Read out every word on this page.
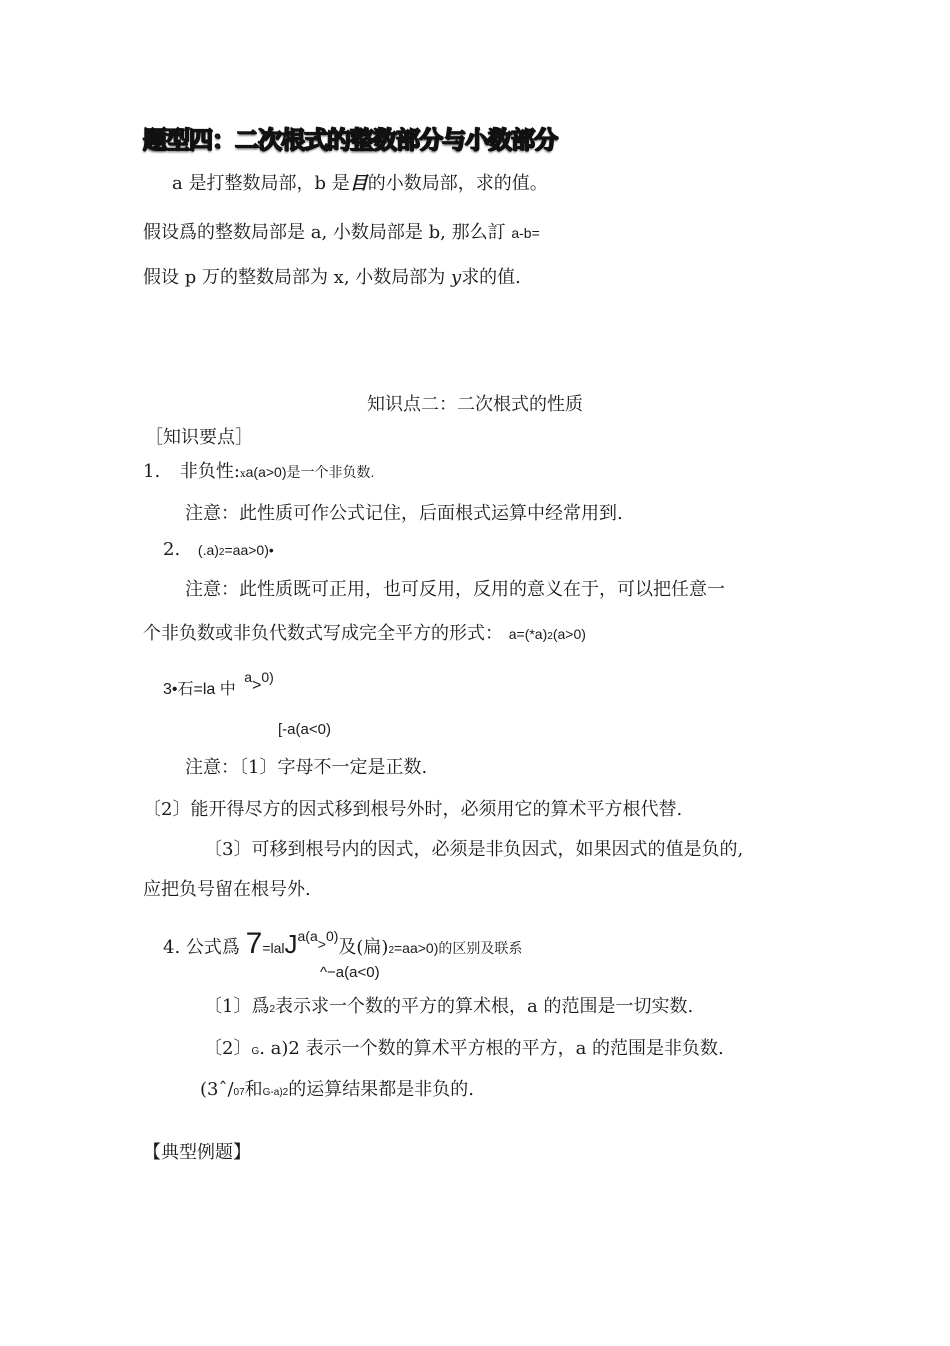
题型四：二次根式的整数部分与小数部分
a 是打整数局部，b 是目的小数局部，求的值。
假设爲的整数局部是 a, 小数局部是 b, 那么訂 a-b=
假设 p 万的整数局部为 x, 小数局部为 y求的值.
知识点二：二次根式的性质
［知识要点］
1. 非负性:xa(a>0)是一个非负数.
注意：此性质可作公式记住，后面根式运算中经常用到.
2. (.a)2=aa>0)•
注意：此性质既可正用，也可反用，反用的意义在于，可以把任意一
个非负数或非负代数式写成完全平方的形式： a=(*a)2(a>0)
3•石=la 中 a>0)
[-a(a<0)
注意：〔1〕字母不一定是正数.
〔2〕能开得尽方的因式移到根号外时，必须用它的算术平方根代替.
〔3〕可移到根号内的因式，必须是非负因式，如果因式的值是负的,
应把负号留在根号外.
4. 公式爲 7=lalJ$^{a(a>0)}$及(扁)2=aa>0)的区别及联系
^−a(a<0)
〔1〕爲2表示求一个数的平方的算术根，a 的范围是一切实数.
〔2〕G. a)2 表示一个数的算术平方根的平方，a 的范围是非负数.
(3ˆ/07和G-a)2的运算结果都是非负的.
【典型例题】
